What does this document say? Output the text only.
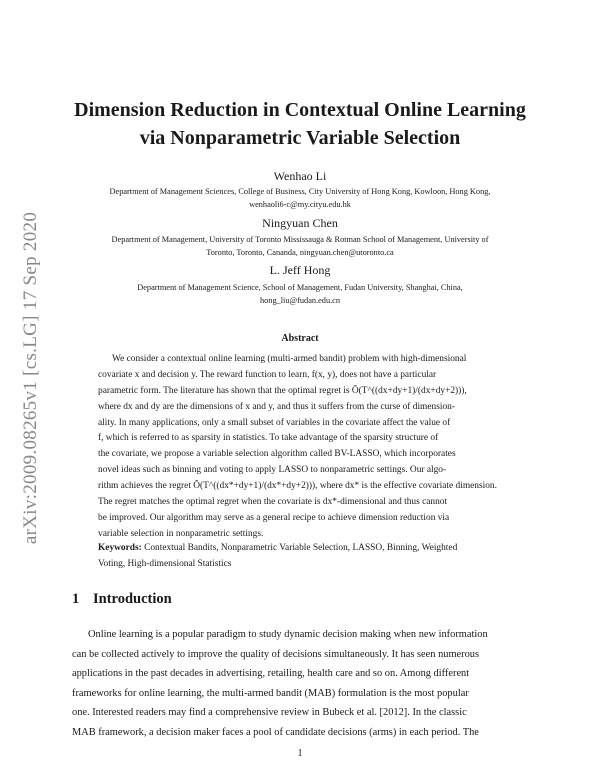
arXiv:2009.08265v1 [cs.LG] 17 Sep 2020
Dimension Reduction in Contextual Online Learning
via Nonparametric Variable Selection
Wenhao Li
Department of Management Sciences, College of Business, City University of Hong Kong, Kowloon, Hong Kong,
wenhaoli6-c@my.cityu.edu.hk
Ningyuan Chen
Department of Management, University of Toronto Mississauga & Rotman School of Management, University of
Toronto, Toronto, Cananda, ningyuan.chen@utoronto.ca
L. Jeff Hong
Department of Management Science, School of Management, Fudan University, Shanghai, China,
hong_liu@fudan.edu.cn
Abstract
We consider a contextual online learning (multi-armed bandit) problem with high-dimensional
covariate x and decision y. The reward function to learn, f(x, y), does not have a particular
parametric form. The literature has shown that the optimal regret is Õ(T^((dx+dy+1)/(dx+dy+2))),
where dx and dy are the dimensions of x and y, and thus it suffers from the curse of dimension-
ality. In many applications, only a small subset of variables in the covariate affect the value of
f, which is referred to as sparsity in statistics. To take advantage of the sparsity structure of
the covariate, we propose a variable selection algorithm called BV-LASSO, which incorporates
novel ideas such as binning and voting to apply LASSO to nonparametric settings. Our algo-
rithm achieves the regret Õ(T^((dx*+dy+1)/(dx*+dy+2))), where dx* is the effective covariate dimension.
The regret matches the optimal regret when the covariate is dx*-dimensional and thus cannot
be improved. Our algorithm may serve as a general recipe to achieve dimension reduction via
variable selection in nonparametric settings.
Keywords: Contextual Bandits, Nonparametric Variable Selection, LASSO, Binning, Weighted
Voting, High-dimensional Statistics
1 Introduction
Online learning is a popular paradigm to study dynamic decision making when new information
can be collected actively to improve the quality of decisions simultaneously. It has seen numerous
applications in the past decades in advertising, retailing, health care and so on. Among different
frameworks for online learning, the multi-armed bandit (MAB) formulation is the most popular
one. Interested readers may find a comprehensive review in Bubeck et al. [2012]. In the classic
MAB framework, a decision maker faces a pool of candidate decisions (arms) in each period. The
1
